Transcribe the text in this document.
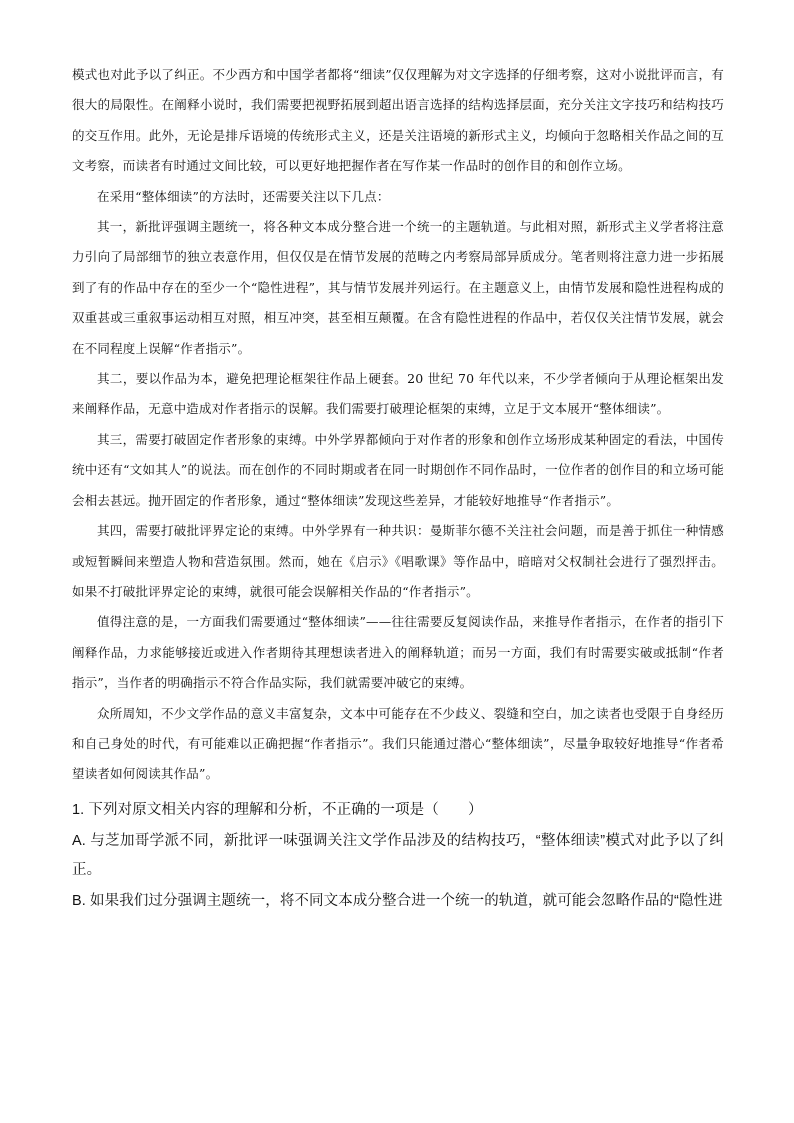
模式也对此予以了纠正。不少西方和中国学者都将“细读”仅仅理解为对文字选择的仔细考察，这对小说批评而言，有很大的局限性。在阐释小说时，我们需要把视野拓展到超出语言选择的结构选择层面，充分关注文字技巧和结构技巧的交互作用。此外，无论是排斥语境的传统形式主义，还是关注语境的新形式主义，均倾向于忽略相关作品之间的互文考察，而读者有时通过文间比较，可以更好地把握作者在写作某一作品时的创作目的和创作立场。

在采用“整体细读”的方法时，还需要关注以下几点：

其一，新批评强调主题统一，将各种文本成分整合进一个统一的主题轨道。与此相对照，新形式主义学者将注意力引向了局部细节的独立表意作用，但仅仅是在情节发展的范畴之内考察局部异质成分。笔者则将注意力进一步拓展到了有的作品中存在的至少一个“隐性进程”，其与情节发展并列运行。在主题意义上，由情节发展和隐性进程构成的双重甚或三重叙事运动相互对照，相互冲突，甚至相互颠覆。在含有隐性进程的作品中，若仅仅关注情节发展，就会在不同程度上误解“作者指示”。

其二，要以作品为本，避免把理论框架往作品上硬套。20 世纪 70 年代以来，不少学者倾向于从理论框架出发来阐释作品，无意中造成对作者指示的误解。我们需要打破理论框架的束缚，立足于文本展开“整体细读”。

其三，需要打破固定作者形象的束缚。中外学界都倾向于对作者的形象和创作立场形成某种固定的看法，中国传统中还有“文如其人”的说法。而在创作的不同时期或者在同一时期创作不同作品时，一位作者的创作目的和立场可能会相去甚远。抛开固定的作者形象，通过“整体细读”发现这些差异，才能较好地推导“作者指示”。

其四，需要打破批评界定论的束缚。中外学界有一种共识：曼斯菲尔德不关注社会问题，而是善于抓住一种情感或短暂瞬间来塑造人物和营造氛围。然而，她在《启示》《唱歌课》等作品中，暗暗对父权制社会进行了强烈抨击。如果不打破批评界定论的束缚，就很可能会误解相关作品的“作者指示”。

值得注意的是，一方面我们需要通过“整体细读”——往往需要反复阅读作品，来推导作者指示，在作者的指引下阐释作品，力求能够接近或进入作者期待其理想读者进入的阐释轨道；而另一方面，我们有时需要实破或抵制“作者指示”，当作者的明确指示不符合作品实际，我们就需要冲破它的束缚。

众所周知，不少文学作品的意义丰富复杂，文本中可能存在不少歧义、裂缝和空白，加之读者也受限于自身经历和自己身处的时代，有可能难以正确把握“作者指示”。我们只能通过潜心“整体细读”，尽量争取较好地推导“作者希望读者如何阅读其作品”。

1. 下列对原文相关内容的理解和分析，不正确的一项是（　　）

A. 与芝加哥学派不同，新批评一味强调关注文学作品涉及的结构技巧，“整体细读”模式对此予以了纠正。

B. 如果我们过分强调主题统一，将不同文本成分整合进一个统一的轨道，就可能会忽略作品的“隐性进
